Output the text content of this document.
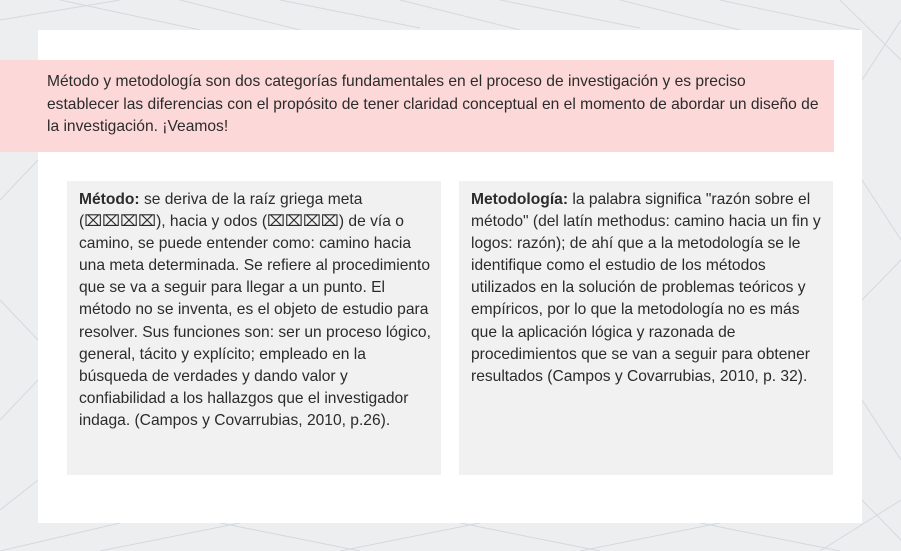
Método y metodología son dos categorías fundamentales en el proceso de investigación y es preciso establecer las diferencias con el propósito de tener claridad conceptual en el momento de abordar un diseño de la investigación. ¡Veamos!
Método: se deriva de la raíz griega meta (⌧⌧⌧⌧), hacia y odos (⌧⌧⌧⌧) de vía o camino, se puede entender como: camino hacia una meta determinada. Se refiere al procedimiento que se va a seguir para llegar a un punto. El método no se inventa, es el objeto de estudio para resolver. Sus funciones son: ser un proceso lógico, general, tácito y explícito; empleado en la búsqueda de verdades y dando valor y confiabilidad a los hallazgos que el investigador indaga. (Campos y Covarrubias, 2010, p.26).
Metodología: la palabra significa "razón sobre el método" (del latín methodus: camino hacia un fin y logos: razón); de ahí que a la metodología se le identifique como el estudio de los métodos utilizados en la solución de problemas teóricos y empíricos, por lo que la metodología no es más que la aplicación lógica y razonada de procedimientos que se van a seguir para obtener resultados (Campos y Covarrubias, 2010, p. 32).
